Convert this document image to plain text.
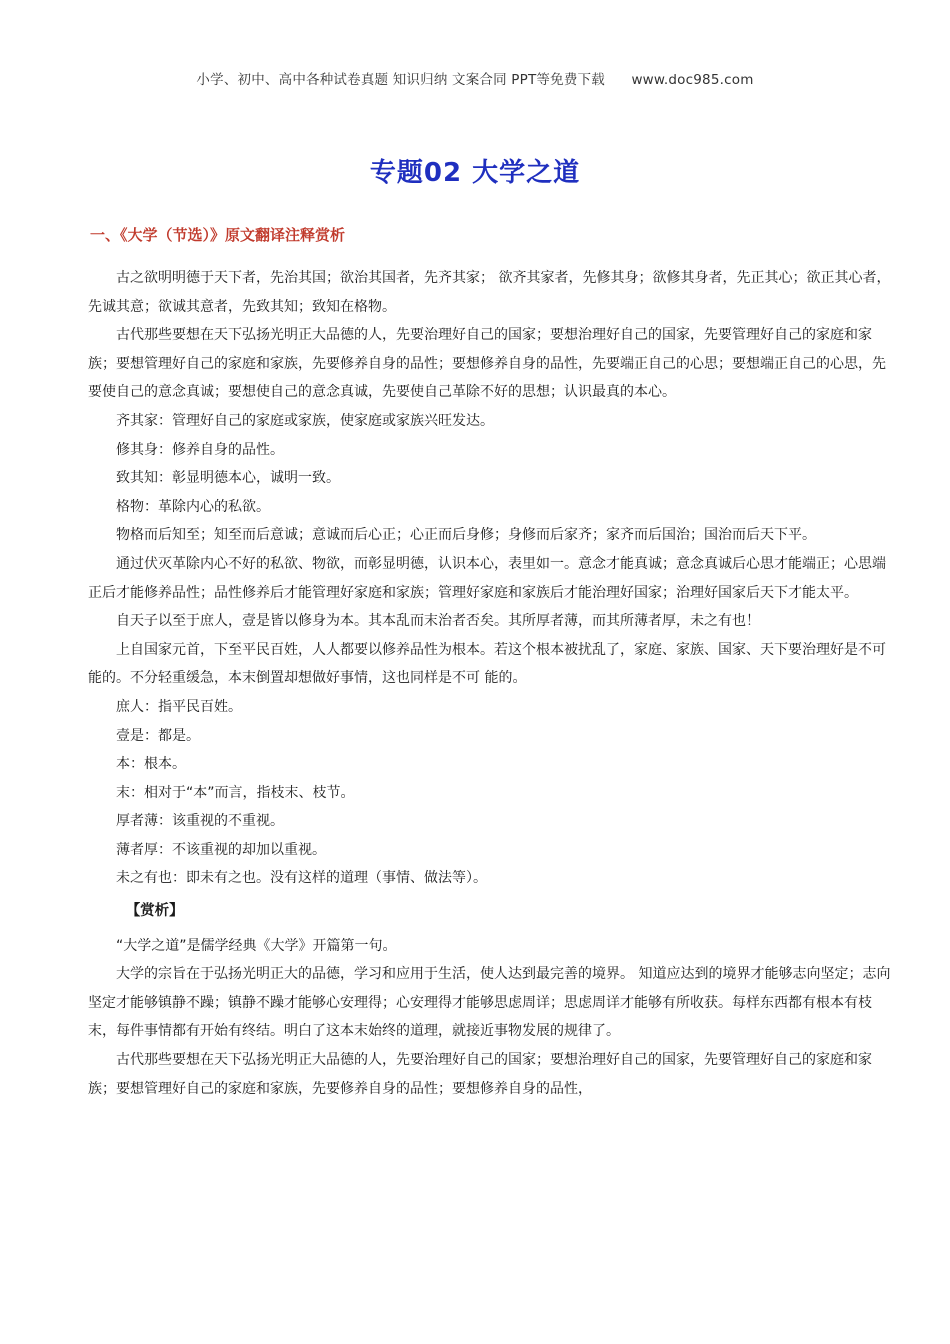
小学、初中、高中各种试卷真题 知识归纳 文案合同 PPT等免费下载 www.doc985.com
专题02 大学之道
一、《大学（节选）》原文翻译注释赏析

古之欲明明德于天下者，先治其国；欲治其国者，先齐其家； 欲齐其家者，先修其身；欲修其身者，先正其心；欲正其心者，先诚其意；欲诚其意者，先致其知；致知在格物。

古代那些要想在天下弘扬光明正大品德的人，先要治理好自己的国家；要想治理好自己的国家，先要管理好自己的家庭和家族；要想管理好自己的家庭和家族，先要修养自身的品性；要想修养自身的品性，先要端正自己的心思；要想端正自己的心思，先要使自己的意念真诚；要想使自己的意念真诚，先要使自己革除不好的思想；认识最真的本心。

齐其家：管理好自己的家庭或家族，使家庭或家族兴旺发达。

修其身：修养自身的品性。

致其知：彰显明德本心，诚明一致。

格物：革除内心的私欲。

物格而后知至；知至而后意诚；意诚而后心正；心正而后身修；身修而后家齐；家齐而后国治；国治而后天下平。

通过伏灭革除内心不好的私欲、物欲，而彰显明德，认识本心，表里如一。意念才能真诚；意念真诚后心思才能端正；心思端正后才能修养品性；品性修养后才能管理好家庭和家族；管理好家庭和家族后才能治理好国家；治理好国家后天下才能太平。

自天子以至于庶人，壹是皆以修身为本。其本乱而末治者否矣。其所厚者薄，而其所薄者厚，未之有也！

上自国家元首，下至平民百姓，人人都要以修养品性为根本。若这个根本被扰乱了，家庭、家族、国家、天下要治理好是不可能的。不分轻重缓急，本末倒置却想做好事情，这也同样是不可 能的。

庶人：指平民百姓。

壹是：都是。

本：根本。

末：相对于“本”而言，指枝末、枝节。

厚者薄：该重视的不重视。

薄者厚：不该重视的却加以重视。

未之有也：即未有之也。没有这样的道理（事情、做法等）。

【赏析】

“大学之道”是儒学经典《大学》开篇第一句。

大学的宗旨在于弘扬光明正大的品德，学习和应用于生活，使人达到最完善的境界。 知道应达到的境界才能够志向坚定；志向坚定才能够镇静不躁；镇静不躁才能够心安理得；心安理得才能够思虑周详；思虑周详才能够有所收获。每样东西都有根本有枝末，每件事情都有开始有终结。明白了这本末始终的道理，就接近事物发展的规律了。

古代那些要想在天下弘扬光明正大品德的人，先要治理好自己的国家；要想治理好自己的国家，先要管理好自己的家庭和家族；要想管理好自己的家庭和家族，先要修养自身的品性；要想修养自身的品性，
